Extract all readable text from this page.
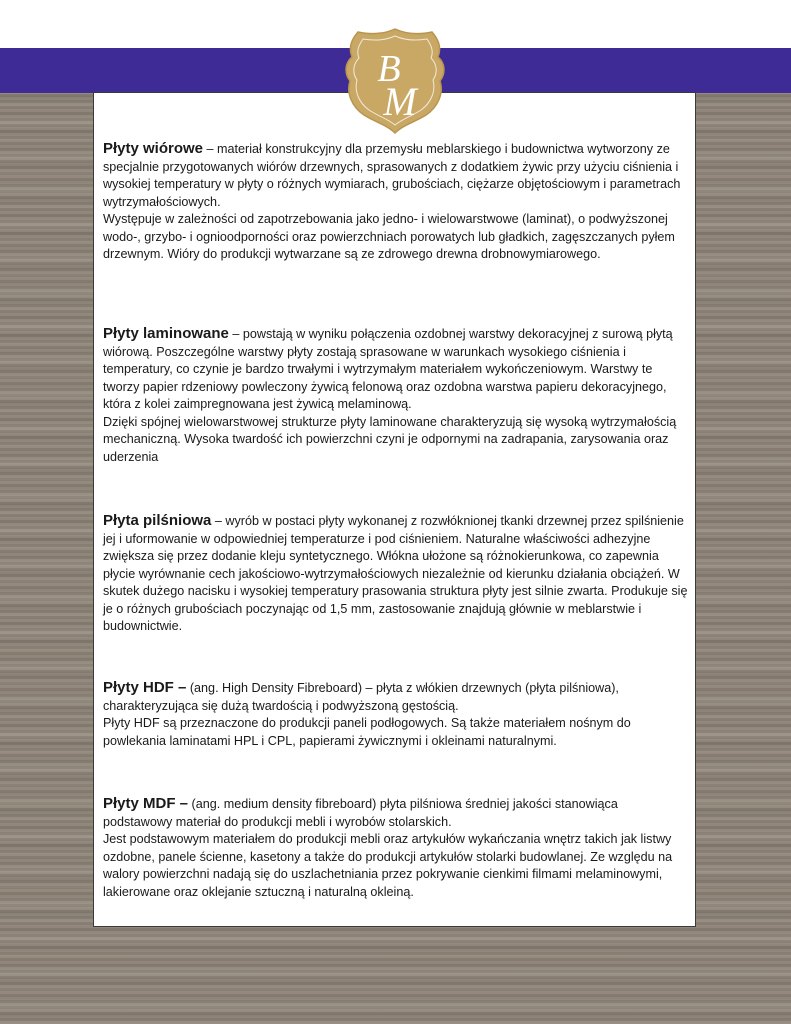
B
M

Płyty wiórowe – materiał konstrukcyjny dla przemysłu meblarskiego i budownictwa wytworzony ze specjalnie przygotowanych wiórów drzewnych, sprasowanych z dodatkiem żywic przy użyciu ciśnienia i wysokiej temperatury w płyty o różnych wymiarach, grubościach, ciężarze objętościowym i parametrach wytrzymałościowych.

Występuje w zależności od zapotrzebowania jako jedno- i wielowarstwowe (laminat), o podwyższonej wodo-, grzybo- i ognioodporności oraz powierzchniach porowatych lub gładkich, zagęszczanych pyłem drzewnym. Wióry do produkcji wytwarzane są ze zdrowego drewna drobnowymiarowego.

Płyty laminowane – powstają w wyniku połączenia ozdobnej warstwy dekoracyjnej z surową płytą wiórową. Poszczególne warstwy płyty zostają sprasowane w warunkach wysokiego ciśnienia i temperatury, co czynie je bardzo trwałymi i wytrzymałym materiałem wykończeniowym. Warstwy te tworzy papier rdzeniowy powleczony żywicą felonową oraz ozdobna warstwa papieru dekoracyjnego, która z kolei zaimpregnowana jest żywicą melaminową.

Dzięki spójnej wielowarstwowej strukturze płyty laminowane charakteryzują się wysoką wytrzymałością mechaniczną. Wysoka twardość ich powierzchni czyni je odpornymi na zadrapania, zarysowania oraz uderzenia

Płyta pilśniowa – wyrób w postaci płyty wykonanej z rozwłóknionej tkanki drzewnej przez spilśnienie jej i uformowanie w odpowiedniej temperaturze i pod ciśnieniem. Naturalne właściwości adhezyjne zwiększa się przez dodanie kleju syntetycznego. Włókna ułożone są różnokierunkowa, co zapewnia płycie wyrównanie cech jakościowo-wytrzymałościowych niezależnie od kierunku działania obciążeń. W skutek dużego nacisku i wysokiej temperatury prasowania struktura płyty jest silnie zwarta. Produkuje się je o różnych grubościach poczynając od 1,5 mm, zastosowanie znajdują głównie w meblarstwie i budownictwie.

Płyty HDF – (ang. High Density Fibreboard) – płyta z włókien drzewnych (płyta pilśniowa), charakteryzująca się dużą twardością i podwyższoną gęstością.

Płyty HDF są przeznaczone do produkcji paneli podłogowych. Są także materiałem nośnym do powlekania laminatami HPL i CPL, papierami żywicznymi i okleinami naturalnymi.

Płyty MDF – (ang. medium density fibreboard) płyta pilśniowa średniej jakości stanowiąca podstawowy materiał do produkcji mebli i wyrobów stolarskich.

Jest podstawowym materiałem do produkcji mebli oraz artykułów wykańczania wnętrz takich jak listwy ozdobne, panele ścienne, kasetony a także do produkcji artykułów stolarki budowlanej. Ze względu na walory powierzchni nadają się do uszlachetniania przez pokrywanie cienkimi filmami melaminowymi, lakierowane oraz oklejanie sztuczną i naturalną okleiną.
